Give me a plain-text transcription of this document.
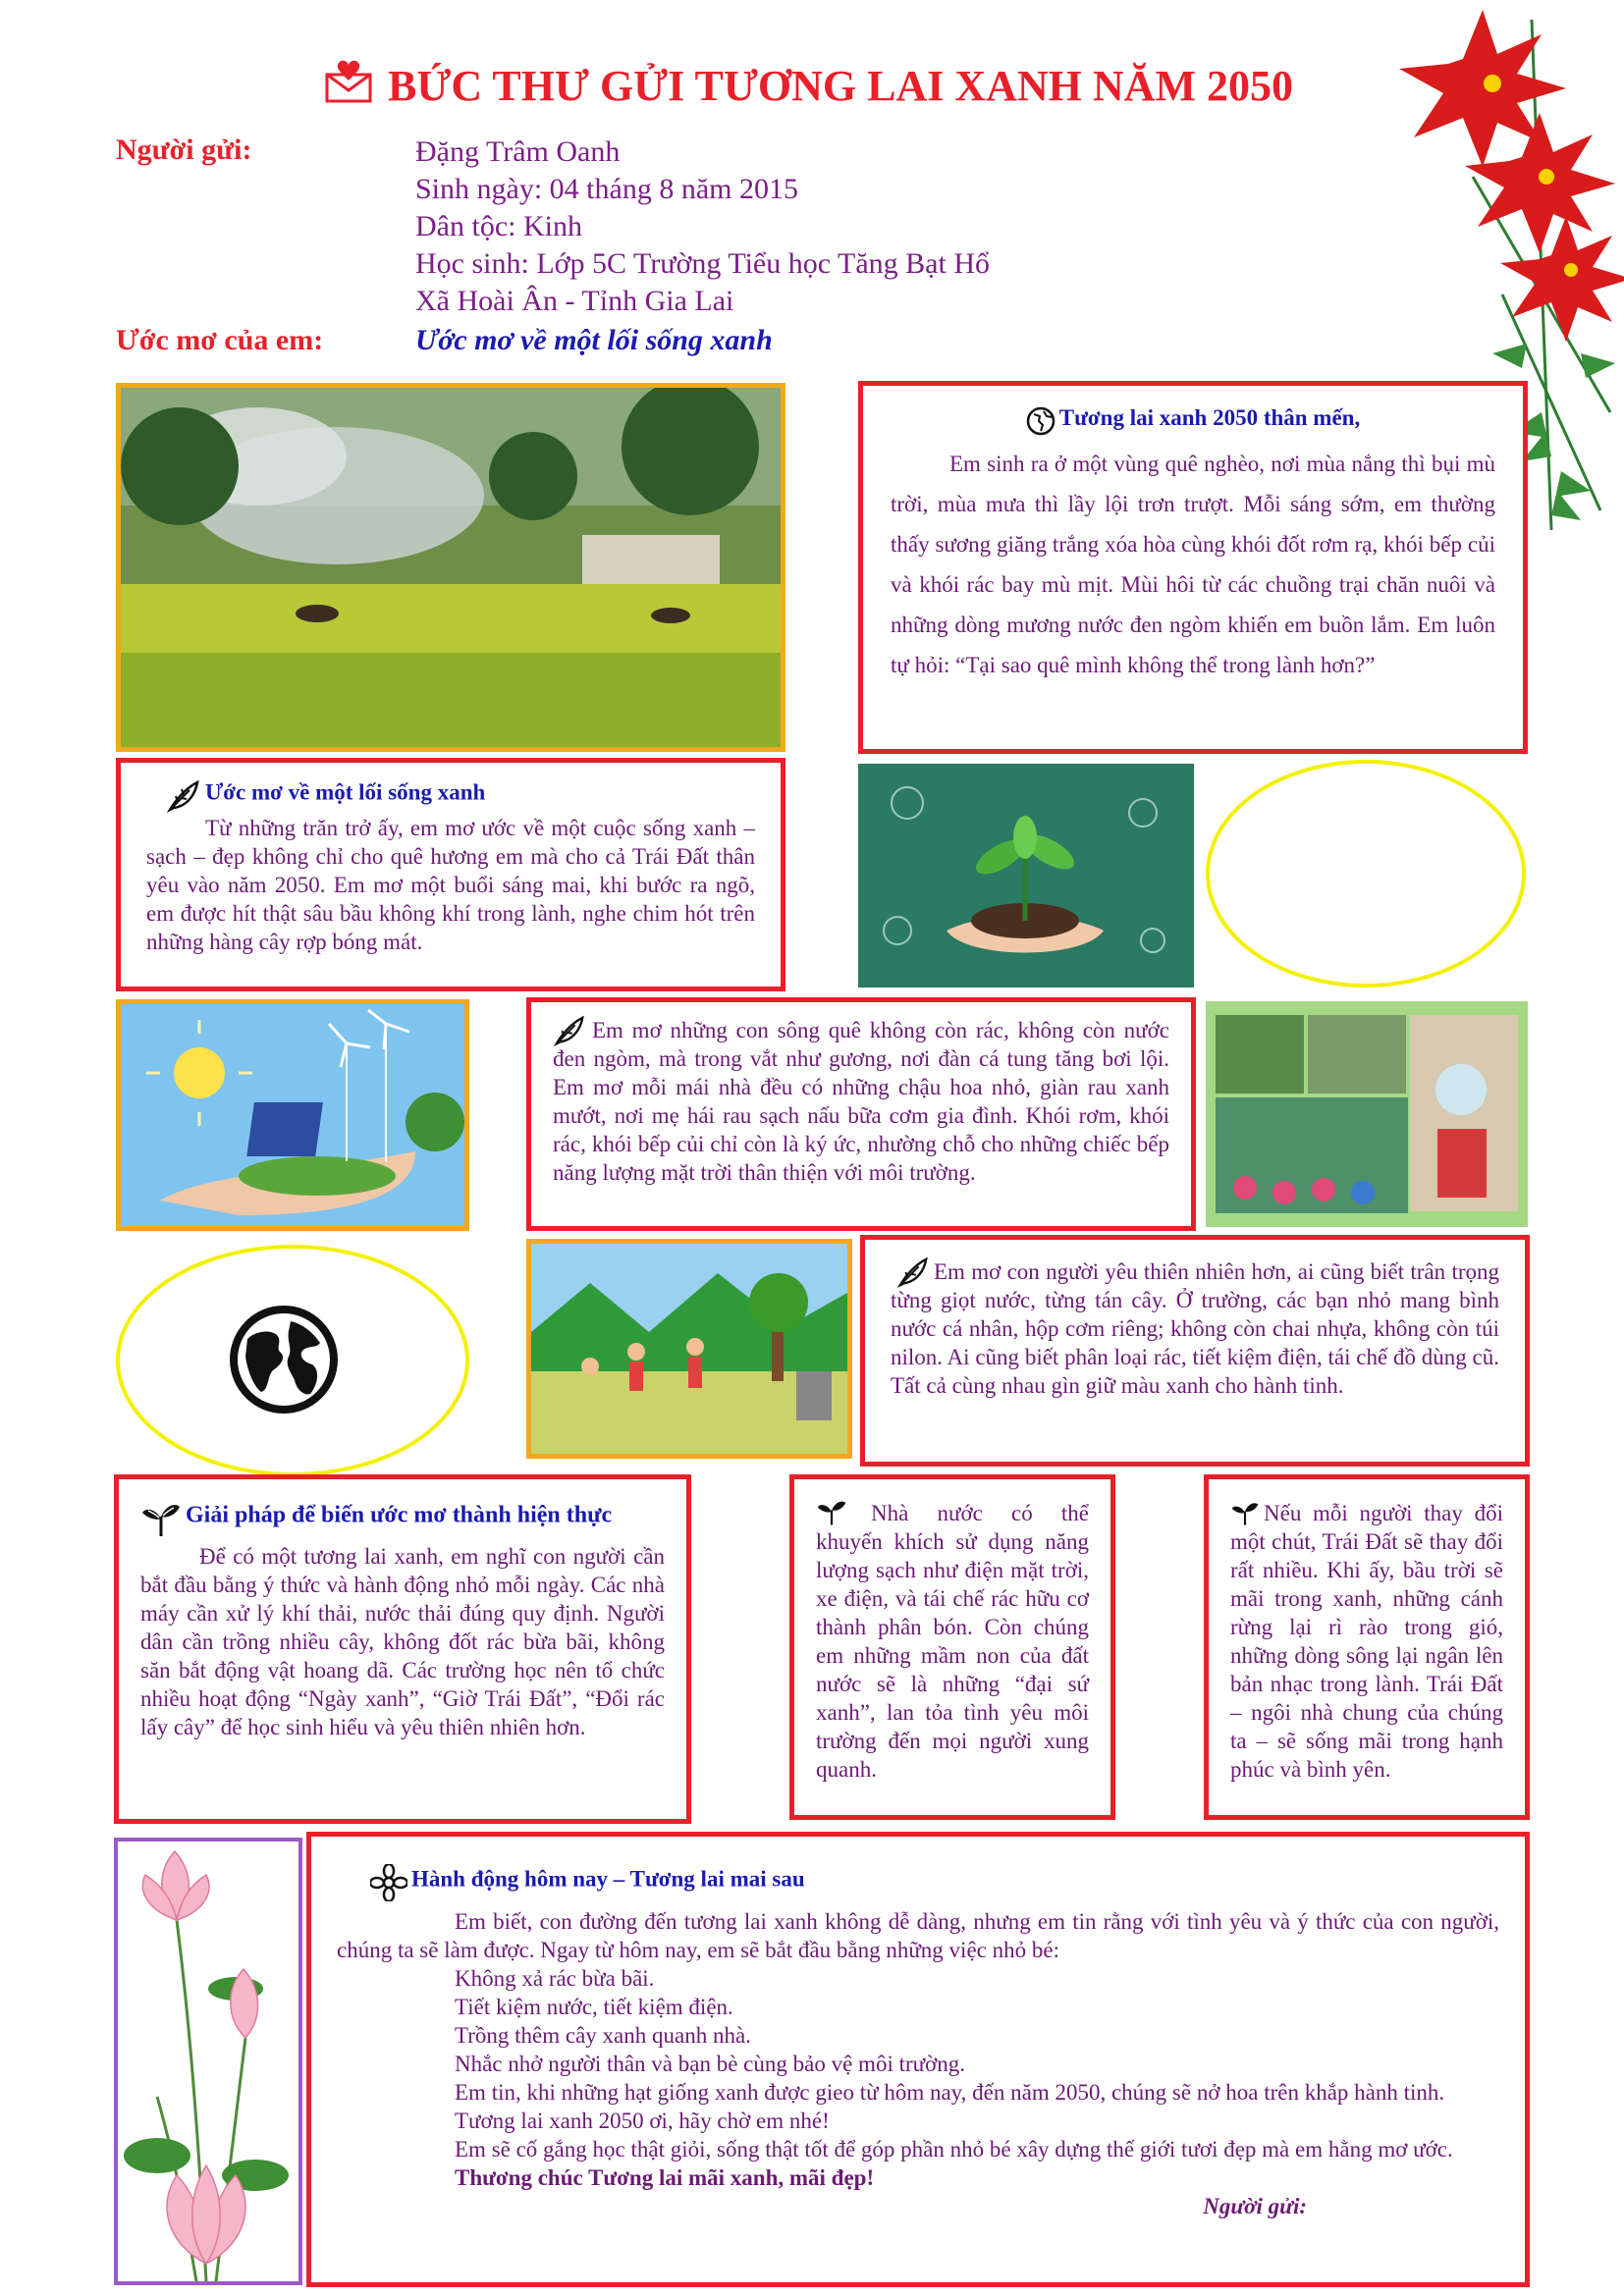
BỨC THƯ GỬI TƯƠNG LAI XANH NĂM 2050
Người gửi:	Đặng Trâm Oanh
Sinh ngày: 04 tháng 8 năm 2015
Dân tộc: Kinh
Học sinh: Lớp 5C Trường Tiểu học Tăng Bạt Hổ
Xã Hoài Ân - Tỉnh Gia Lai
Ước mơ của em:	Ước mơ về một lối sống xanh
Tương lai xanh 2050 thân mến,

Em sinh ra ở một vùng quê nghèo, nơi mùa nắng thì bụi mù trời, mùa mưa thì lầy lội trơn trượt. Mỗi sáng sớm, em thường thấy sương giăng trắng xóa hòa cùng khói đốt rơm rạ, khói bếp củi và khói rác bay mù mịt. Mùi hôi từ các chuồng trại chăn nuôi và những dòng mương nước đen ngòm khiến em buồn lắm. Em luôn tự hỏi: “Tại sao quê mình không thể trong lành hơn?”

Ước mơ về một lối sống xanh

Từ những trăn trở ấy, em mơ ước về một cuộc sống xanh – sạch – đẹp không chỉ cho quê hương em mà cho cả Trái Đất thân yêu vào năm 2050. Em mơ một buổi sáng mai, khi bước ra ngõ, em được hít thật sâu bầu không khí trong lành, nghe chim hót trên những hàng cây rợp bóng mát.

Em mơ những con sông quê không còn rác, không còn nước đen ngòm, mà trong vắt như gương, nơi đàn cá tung tăng bơi lội. Em mơ mỗi mái nhà đều có những chậu hoa nhỏ, giàn rau xanh mướt, nơi mẹ hái rau sạch nấu bữa cơm gia đình. Khói rơm, khói rác, khói bếp củi chỉ còn là ký ức, nhường chỗ cho những chiếc bếp năng lượng mặt trời thân thiện với môi trường.

Em mơ con người yêu thiên nhiên hơn, ai cũng biết trân trọng từng giọt nước, từng tán cây. Ở trường, các bạn nhỏ mang bình nước cá nhân, hộp cơm riêng; không còn chai nhựa, không còn túi nilon. Ai cũng biết phân loại rác, tiết kiệm điện, tái chế đồ dùng cũ. Tất cả cùng nhau gìn giữ màu xanh cho hành tinh.

Giải pháp để biến ước mơ thành hiện thực

Để có một tương lai xanh, em nghĩ con người cần bắt đầu bằng ý thức và hành động nhỏ mỗi ngày. Các nhà máy cần xử lý khí thải, nước thải đúng quy định. Người dân cần trồng nhiều cây, không đốt rác bừa bãi, không săn bắt động vật hoang dã. Các trường học nên tổ chức nhiều hoạt động “Ngày xanh”, “Giờ Trái Đất”, “Đổi rác lấy cây” để học sinh hiểu và yêu thiên nhiên hơn.

Nhà nước có thể khuyến khích sử dụng năng lượng sạch như điện mặt trời, xe điện, và tái chế rác hữu cơ thành phân bón. Còn chúng em những mầm non của đất nước sẽ là những “đại sứ xanh”, lan tỏa tình yêu môi trường đến mọi người xung quanh.

Nếu mỗi người thay đổi một chút, Trái Đất sẽ thay đổi rất nhiều. Khi ấy, bầu trời sẽ mãi trong xanh, những cánh rừng lại rì rào trong gió, những dòng sông lại ngân lên bản nhạc trong lành. Trái Đất – ngôi nhà chung của chúng ta – sẽ sống mãi trong hạnh phúc và bình yên.

Hành động hôm nay – Tương lai mai sau

Em biết, con đường đến tương lai xanh không dễ dàng, nhưng em tin rằng với tình yêu và ý thức của con người, chúng ta sẽ làm được. Ngay từ hôm nay, em sẽ bắt đầu bằng những việc nhỏ bé:

Không xả rác bừa bãi.
Tiết kiệm nước, tiết kiệm điện.
Trồng thêm cây xanh quanh nhà.
Nhắc nhở người thân và bạn bè cùng bảo vệ môi trường.
Em tin, khi những hạt giống xanh được gieo từ hôm nay, đến năm 2050, chúng sẽ nở hoa trên khắp hành tinh.
Tương lai xanh 2050 ơi, hãy chờ em nhé!
Em sẽ cố gắng học thật giỏi, sống thật tốt để góp phần nhỏ bé xây dựng thế giới tươi đẹp mà em hằng mơ ước.
Thương chúc Tương lai mãi xanh, mãi đẹp!
Người gửi:
